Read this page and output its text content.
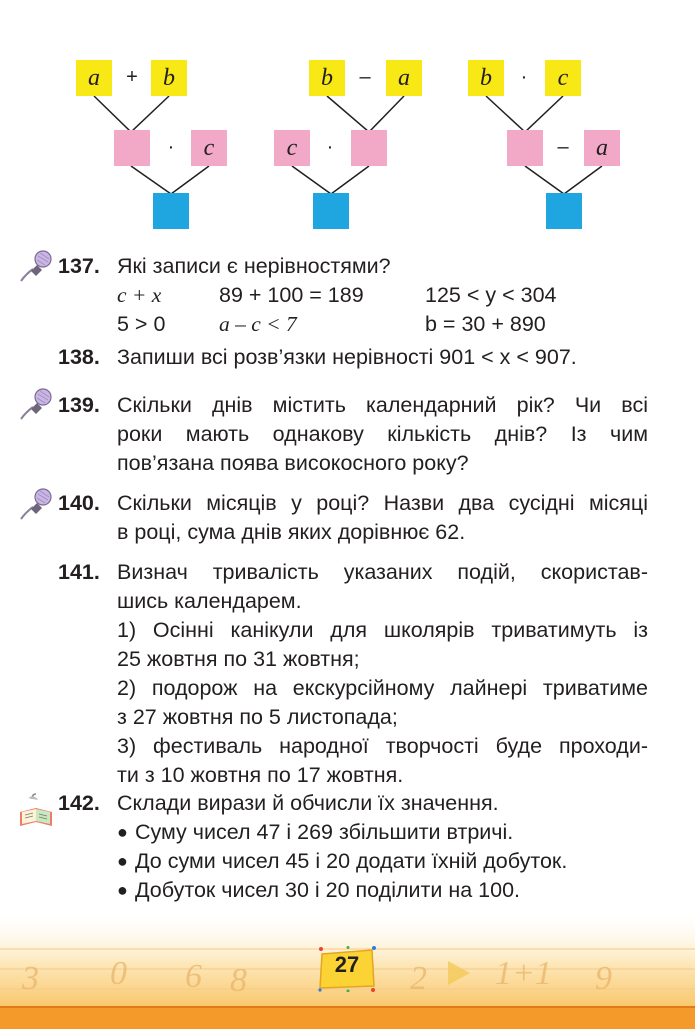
a	+	b
·	c
b	–	a
c	·
b	·	c
–	a
137. Які записи є нерівностями?
c + x	89 + 100 = 189	125 < y < 304
5 > 0	a – c < 7	b = 30 + 890
138. Запиши всі розв’язки нерівності 901 < x < 907.
139. Скільки днів містить календарний рік? Чи всі
роки мають однакову кількість днів? Із чим
пов’язана поява високосного року?
140. Скільки місяців у році? Назви два сусідні місяці
в році, сума днів яких дорівнює 62.
141. Визнач тривалість указаних подій, скористав-
шись календарем.
1) Осінні канікули для школярів триватимуть із
25 жовтня по 31 жовтня;
2) подорож на екскурсійному лайнері триватиме
з 27 жовтня по 5 листопада;
3) фестиваль народної творчості буде проходи-
ти з 10 жовтня по 17 жовтня.
142. Склади вирази й обчисли їх значення.
● Суму чисел 47 і 269 збільшити втричі.
● До суми чисел 45 і 20 додати їхній добуток.
● Добуток чисел 30 і 20 поділити на 100.
3 0 6 8	2 1+1 9
27
